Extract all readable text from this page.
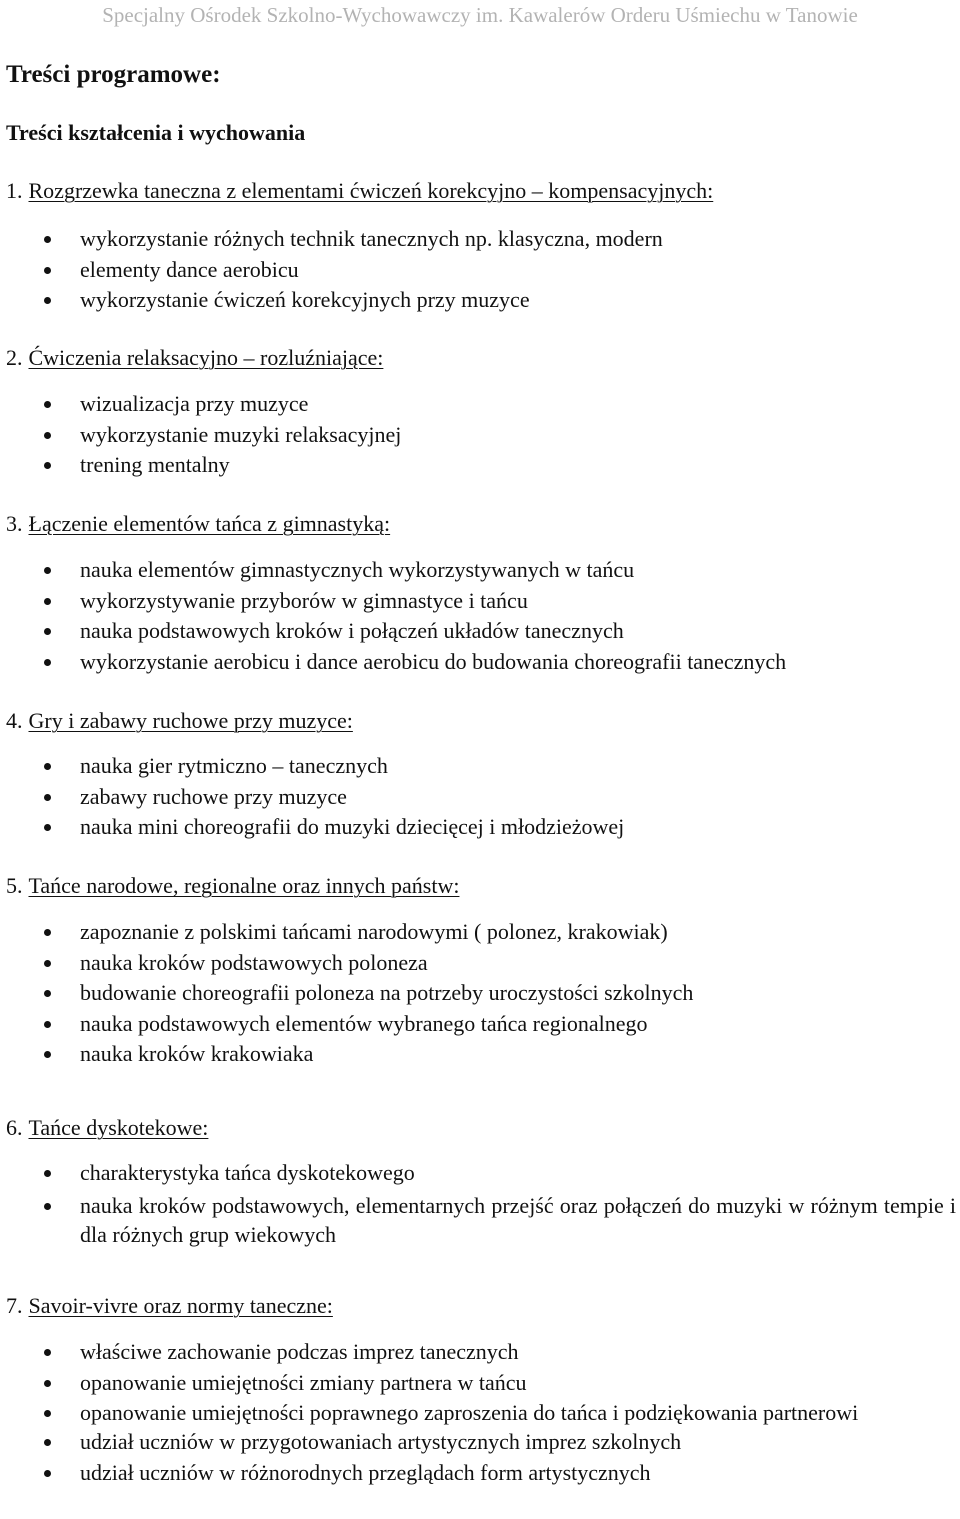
Specjalny Ośrodek Szkolno-Wychowawczy im. Kawalerów Orderu Uśmiechu w Tanowie
Treści programowe:
Treści kształcenia i wychowania
1. Rozgrzewka taneczna z elementami ćwiczeń korekcyjno – kompensacyjnych:
wykorzystanie różnych technik tanecznych np. klasyczna, modern
elementy dance aerobicu
wykorzystanie ćwiczeń korekcyjnych przy muzyce
2. Ćwiczenia relaksacyjno – rozluźniające:
wizualizacja przy muzyce
wykorzystanie muzyki relaksacyjnej
trening mentalny
3. Łączenie elementów tańca z gimnastyką:
nauka elementów gimnastycznych wykorzystywanych w tańcu
wykorzystywanie przyborów w gimnastyce i tańcu
nauka podstawowych kroków i połączeń układów tanecznych
wykorzystanie aerobicu i dance aerobicu do budowania choreografii tanecznych
4. Gry i zabawy ruchowe przy muzyce:
nauka gier rytmiczno – tanecznych
zabawy ruchowe przy muzyce
nauka mini choreografii do muzyki dziecięcej i młodzieżowej
5. Tańce narodowe, regionalne oraz innych państw:
zapoznanie z polskimi tańcami narodowymi ( polonez, krakowiak)
nauka kroków podstawowych poloneza
budowanie choreografii poloneza na potrzeby uroczystości szkolnych
nauka podstawowych elementów wybranego tańca regionalnego
nauka kroków krakowiaka
6. Tańce dyskotekowe:
charakterystyka tańca dyskotekowego
nauka kroków podstawowych, elementarnych przejść oraz połączeń do muzyki w różnym tempie i dla różnych grup wiekowych
7. Savoir-vivre oraz normy taneczne:
właściwe zachowanie podczas imprez tanecznych
opanowanie umiejętności zmiany partnera w tańcu
opanowanie umiejętności poprawnego zaproszenia do tańca i podziękowania partnerowi
udział uczniów w przygotowaniach artystycznych imprez szkolnych
udział uczniów w różnorodnych przeglądach form artystycznych
